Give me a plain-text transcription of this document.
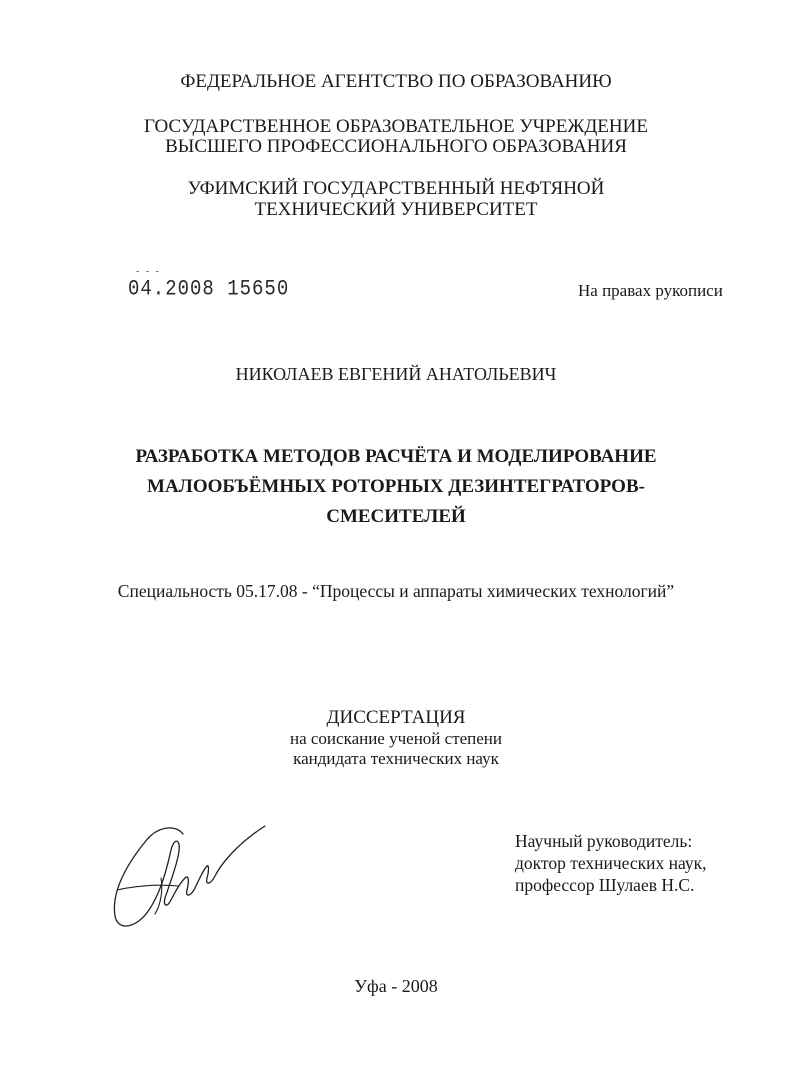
ФЕДЕРАЛЬНОЕ АГЕНТСТВО ПО ОБРАЗОВАНИЮ
ГОСУДАРСТВЕННОЕ ОБРАЗОВАТЕЛЬНОЕ УЧРЕЖДЕНИЕ
ВЫСШЕГО ПРОФЕССИОНАЛЬНОГО ОБРАЗОВАНИЯ
УФИМСКИЙ ГОСУДАРСТВЕННЫЙ НЕФТЯНОЙ
ТЕХНИЧЕСКИЙ УНИВЕРСИТЕТ
- - -
04.2008 15650	На правах рукописи
НИКОЛАЕВ ЕВГЕНИЙ АНАТОЛЬЕВИЧ
РАЗРАБОТКА МЕТОДОВ РАСЧЁТА И МОДЕЛИРОВАНИЕ
МАЛООБЪЁМНЫХ РОТОРНЫХ ДЕЗИНТЕГРАТОРОВ-
СМЕСИТЕЛЕЙ
Специальность 05.17.08 - “Процессы и аппараты химических технологий”
ДИССЕРТАЦИЯ
на соискание ученой степени
кандидата технических наук
Научный руководитель:
доктор технических наук,
профессор Шулаев Н.С.
Уфа - 2008
